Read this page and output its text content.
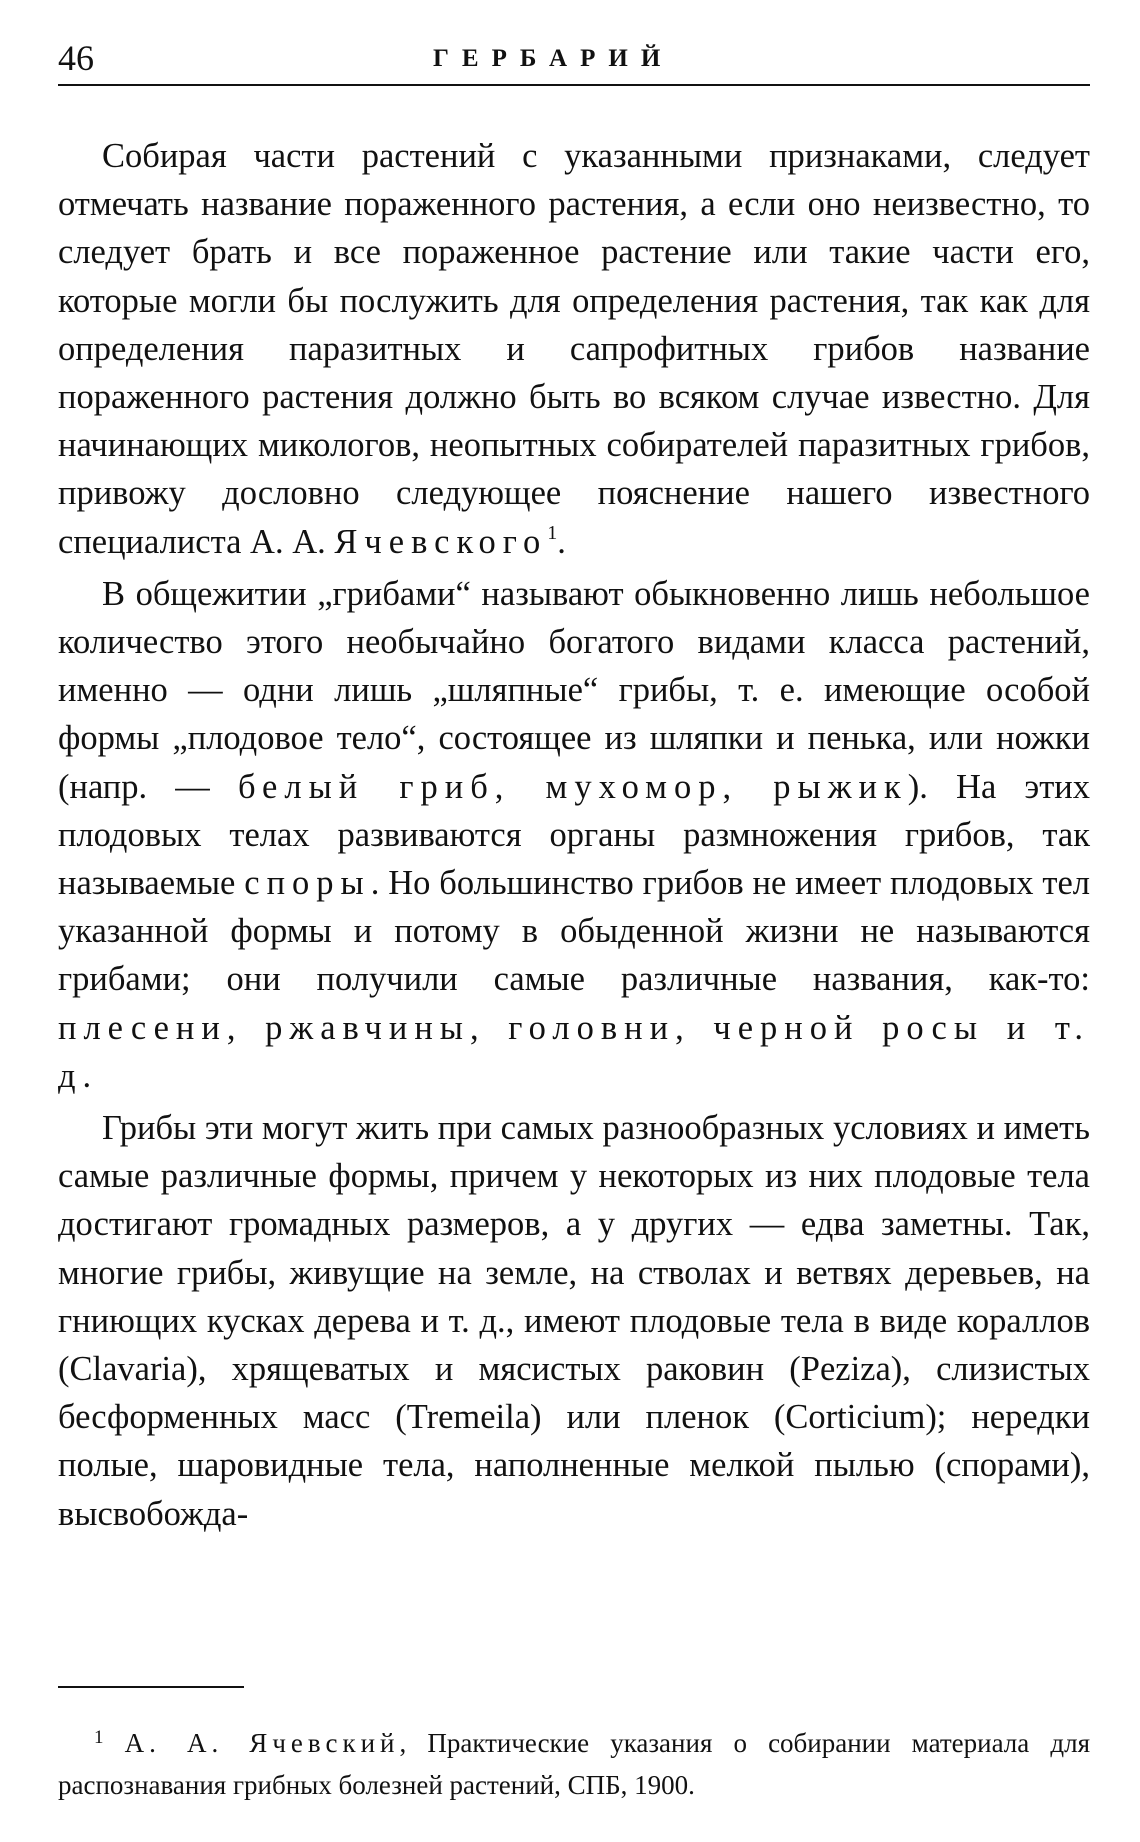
46	ГЕРБАРИЙ

Собирая части растений с указанными признаками, следует отмечать название пораженного растения, а если оно неизвестно, то следует брать и все пораженное растение или такие части его, которые могли бы послужить для определения растения, так как для определения паразитных и сапрофитных грибов название пораженного растения должно быть во всяком случае известно. Для начинающих микологов, неопытных собирателей паразитных грибов, привожу дословно следующее пояснение нашего известного специалиста А. А. Ячевского$^1$.

В общежитии „грибами“ называют обыкновенно лишь небольшое количество этого необычайно богатого видами класса растений, именно — одни лишь „шляпные“ грибы, т. е. имеющие особой формы „плодовое тело“, состоящее из шляпки и пенька, или ножки (напр. — белый гриб, мухомор, рыжик). На этих плодовых телах развиваются органы размножения грибов, так называемые споры. Но большинство грибов не имеет плодовых тел указанной формы и потому в обыденной жизни не называются грибами; они получили самые различные названия, как-то: плесени, ржавчины, головни, черной росы и т. д.

Грибы эти могут жить при самых разнообразных условиях и иметь самые различные формы, причем у некоторых из них плодовые тела достигают громадных размеров, а у других — едва заметны. Так, многие грибы, живущие на земле, на стволах и ветвях деревьев, на гниющих кусках дерева и т. д., имеют плодовые тела в виде кораллов (Clavaria), хрящеватых и мясистых раковин (Peziza), слизистых бесформенных масс (Tremeila) или пленок (Corticium); нередки полые, шаровидные тела, наполненные мелкой пылью (спорами), высвобожда-

$^1$ А. А. Ячевский, Практические указания о собирании материала для распознавания грибных болезней растений, СПБ, 1900.
